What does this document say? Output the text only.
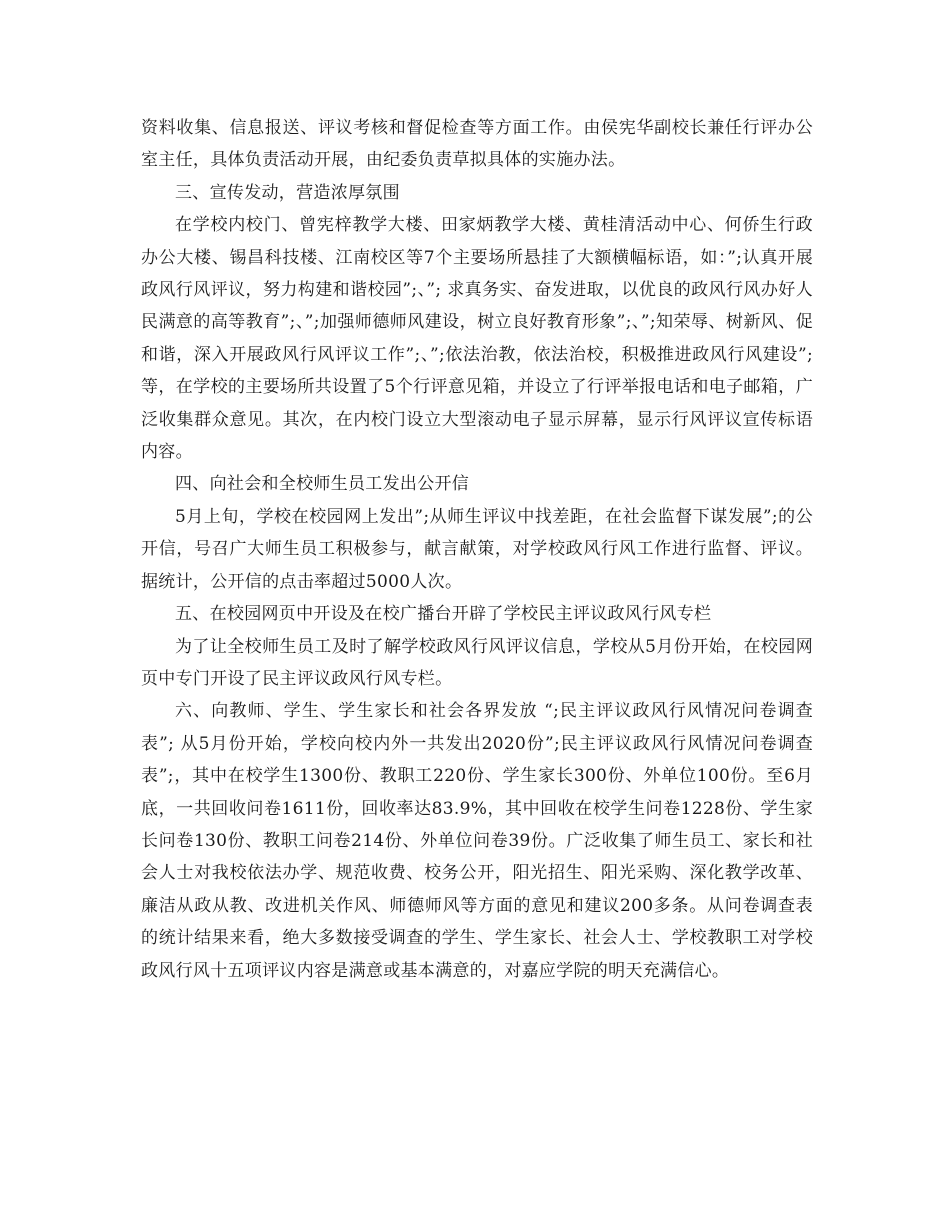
资料收集、信息报送、评议考核和督促检查等方面工作。由侯宪华副校长兼任行评办公室主任，具体负责活动开展，由纪委负责草拟具体的实施办法。

三、宣传发动，营造浓厚氛围

在学校内校门、曾宪梓教学大楼、田家炳教学大楼、黄桂清活动中心、何侨生行政办公大楼、锡昌科技楼、江南校区等7个主要场所悬挂了大额横幅标语，如：”;认真开展政风行风评议，努力构建和谐校园”;、”; 求真务实、奋发进取，以优良的政风行风办好人民满意的高等教育”;、”;加强师德师风建设，树立良好教育形象”;、”;知荣辱、树新风、促和谐，深入开展政风行风评议工作”;、”;依法治教，依法治校，积极推进政风行风建设”;等，在学校的主要场所共设置了5个行评意见箱，并设立了行评举报电话和电子邮箱，广泛收集群众意见。其次，在内校门设立大型滚动电子显示屏幕，显示行风评议宣传标语内容。

四、向社会和全校师生员工发出公开信

5月上旬，学校在校园网上发出”;从师生评议中找差距，在社会监督下谋发展”;的公开信，号召广大师生员工积极参与，献言献策，对学校政风行风工作进行监督、评议。据统计，公开信的点击率超过5000人次。

五、在校园网页中开设及在校广播台开辟了学校民主评议政风行风专栏

为了让全校师生员工及时了解学校政风行风评议信息，学校从5月份开始，在校园网页中专门开设了民主评议政风行风专栏。

六、向教师、学生、学生家长和社会各界发放 “;民主评议政风行风情况问卷调查表”; 从5月份开始，学校向校内外一共发出2020份”;民主评议政风行风情况问卷调查表”;，其中在校学生1300份、教职工220份、学生家长300份、外单位100份。至6月底，一共回收问卷1611份，回收率达83.9%，其中回收在校学生问卷1228份、学生家长问卷130份、教职工问卷214份、外单位问卷39份。广泛收集了师生员工、家长和社会人士对我校依法办学、规范收费、校务公开，阳光招生、阳光采购、深化教学改革、廉洁从政从教、改进机关作风、师德师风等方面的意见和建议200多条。从问卷调查表的统计结果来看，绝大多数接受调查的学生、学生家长、社会人士、学校教职工对学校政风行风十五项评议内容是满意或基本满意的，对嘉应学院的明天充满信心。
